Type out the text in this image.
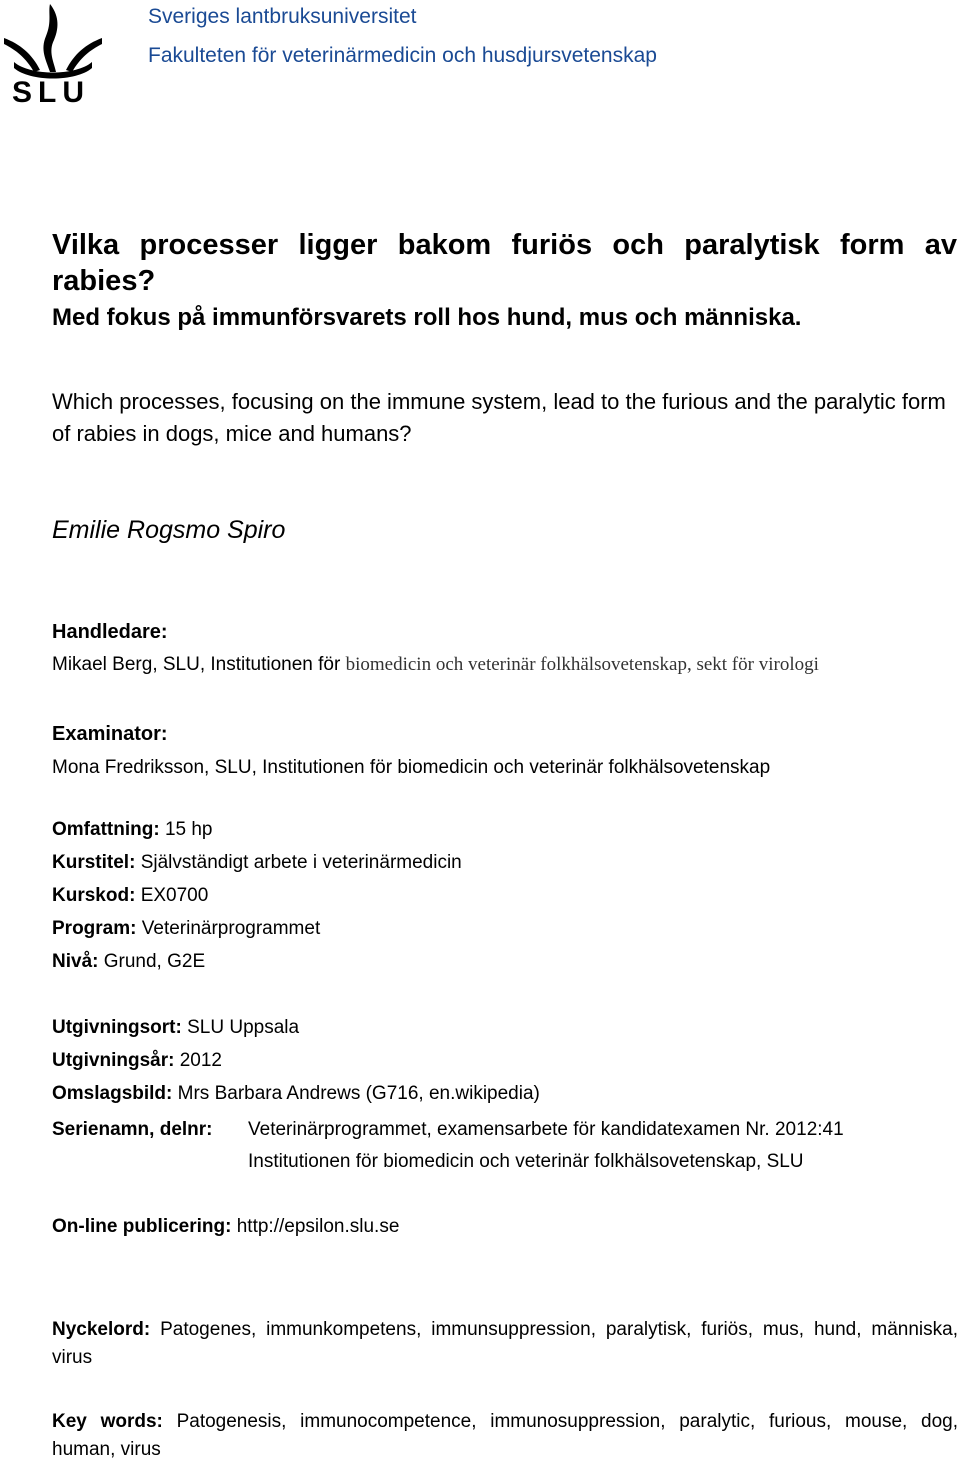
SLU
Sveriges lantbruksuniversitet
Fakulteten för veterinärmedicin och husdjursvetenskap
Vilka processer ligger bakom furiös och paralytisk form av
rabies?
Med fokus på immunförsvarets roll hos hund, mus och människa.
Which processes, focusing on the immune system, lead to the furious and the paralytic form of rabies in dogs, mice and humans?
Emilie Rogsmo Spiro
Handledare:
Mikael Berg, SLU, Institutionen för biomedicin och veterinär folkhälsovetenskap, sekt för virologi
Examinator:
Mona Fredriksson, SLU, Institutionen för biomedicin och veterinär folkhälsovetenskap
Omfattning: 15 hp
Kurstitel: Självständigt arbete i veterinärmedicin
Kurskod: EX0700
Program: Veterinärprogrammet
Nivå: Grund, G2E
Utgivningsort: SLU Uppsala
Utgivningsår: 2012
Omslagsbild: Mrs Barbara Andrews (G716, en.wikipedia)
Serienamn, delnr: Veterinärprogrammet, examensarbete för kandidatexamen Nr. 2012:41
Institutionen för biomedicin och veterinär folkhälsovetenskap, SLU
On-line publicering: http://epsilon.slu.se
Nyckelord: Patogenes, immunkompetens, immunsuppression, paralytisk, furiös, mus, hund, människa, virus
Key words: Patogenesis, immunocompetence, immunosuppression, paralytic, furious, mouse, dog, human, virus
